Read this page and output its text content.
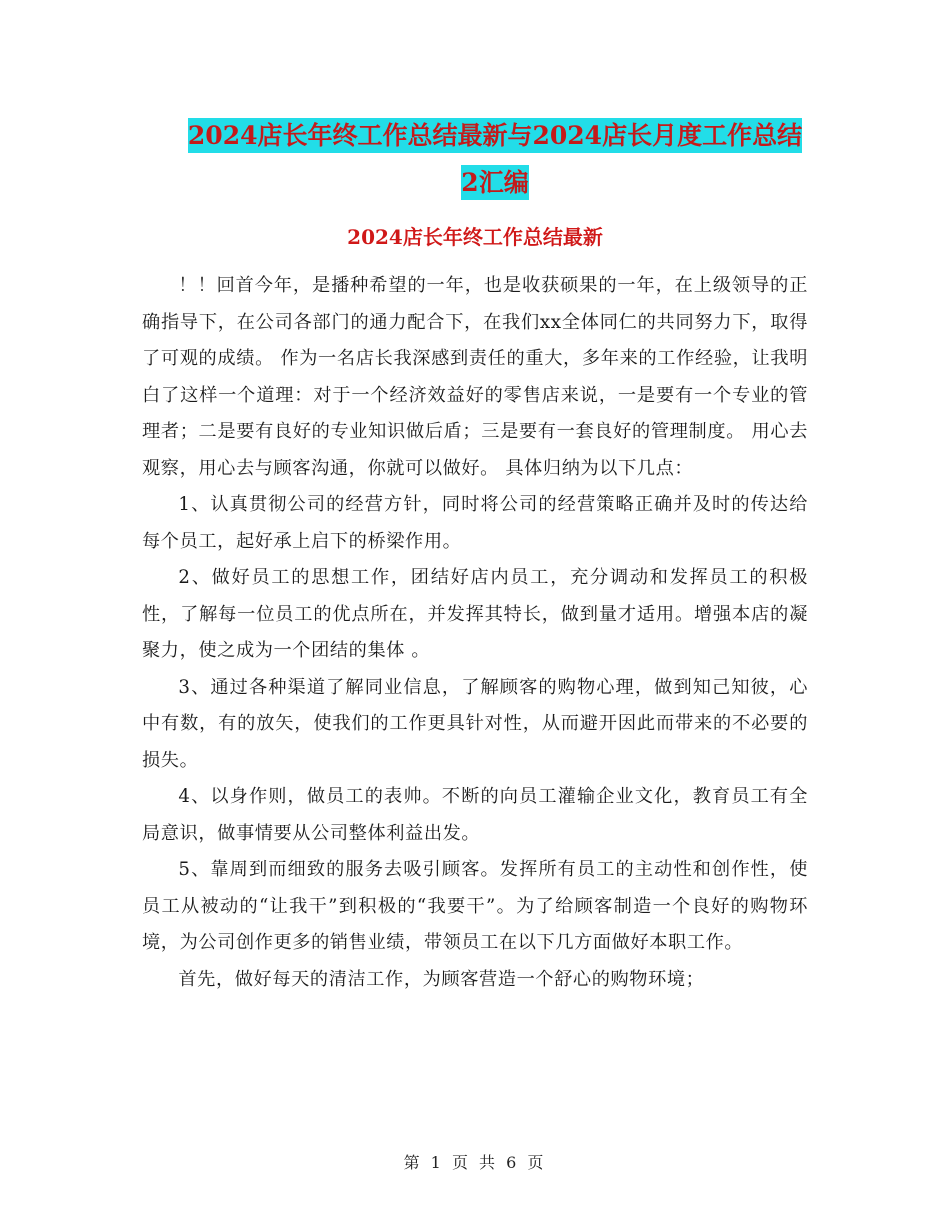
2024店长年终工作总结最新与2024店长月度工作总结
2汇编
2024店长年终工作总结最新

！！回首今年，是播种希望的一年，也是收获硕果的一年，在上级领导的正确指导下，在公司各部门的通力配合下，在我们xx全体同仁的共同努力下，取得了可观的成绩。 作为一名店长我深感到责任的重大，多年来的工作经验，让我明白了这样一个道理：对于一个经济效益好的零售店来说，一是要有一个专业的管理者；二是要有良好的专业知识做后盾；三是要有一套良好的管理制度。 用心去观察，用心去与顾客沟通，你就可以做好。 具体归纳为以下几点：

1、认真贯彻公司的经营方针，同时将公司的经营策略正确并及时的传达给每个员工，起好承上启下的桥梁作用。

2、做好员工的思想工作，团结好店内员工，充分调动和发挥员工的积极性，了解每一位员工的优点所在，并发挥其特长，做到量才适用。增强本店的凝聚力，使之成为一个团结的集体 。

3、通过各种渠道了解同业信息，了解顾客的购物心理，做到知己知彼，心中有数，有的放矢，使我们的工作更具针对性，从而避开因此而带来的不必要的损失。

4、以身作则，做员工的表帅。不断的向员工灌输企业文化，教育员工有全局意识，做事情要从公司整体利益出发。

5、靠周到而细致的服务去吸引顾客。发挥所有员工的主动性和创作性，使员工从被动的“让我干”到积极的“我要干”。为了给顾客制造一个良好的购物环境，为公司创作更多的销售业绩，带领员工在以下几方面做好本职工作。

首先，做好每天的清洁工作，为顾客营造一个舒心的购物环境；

第 1 页 共 6 页
